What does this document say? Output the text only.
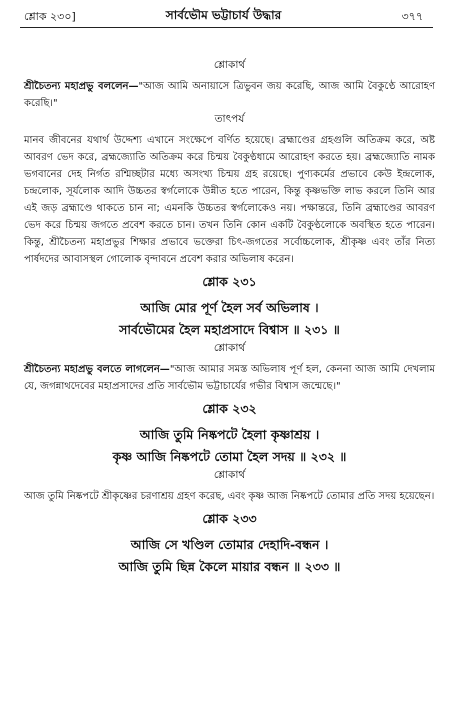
শ্লোক ২৩০]	সার্বভৌম ভট্টাচার্য উদ্ধার	৩৭৭
শ্লোকার্থ

শ্রীচৈতন্য মহাপ্রভু বললেন—"আজ আমি অনায়াসে ত্রিভুবন জয় করেছি, আজ আমি বৈকুণ্ঠে আরোহণ করেছি।"

তাৎপর্য

মানব জীবনের যথার্থ উদ্দেশ্য এখানে সংক্ষেপে বর্ণিত হয়েছে। ব্রহ্মাণ্ডের গ্রহগুলি অতিক্রম করে, অষ্ট আবরণ ভেদ করে, ব্রহ্মজ্যোতি অতিক্রম করে চিন্ময় বৈকুণ্ঠধামে আরোহণ করতে হয়। ব্রহ্মজ্যোতি নামক ভগবানের দেহ নির্গত রশ্মিচ্ছটার মধ্যে অসংখ্য চিন্ময় গ্রহ রয়েছে। পুণ্যকর্মের প্রভাবে কেউ ইন্দ্রলোক, চন্দ্রলোক, সূর্যলোক আদি উচ্চতর স্বর্গলোকে উন্নীত হতে পারেন, কিন্তু কৃষ্ণভক্তি লাভ করলে তিনি আর এই জড় ব্রহ্মাণ্ডে থাকতে চান না; এমনকি উচ্চতর স্বর্গলোকেও নয়। পক্ষান্তরে, তিনি ব্রহ্মাণ্ডের আবরণ ভেদ করে চিন্ময় জগতে প্রবেশ করতে চান। তখন তিনি কোন একটি বৈকুণ্ঠলোকে অবস্থিত হতে পারেন। কিন্তু, শ্রীচৈতন্য মহাপ্রভুর শিক্ষার প্রভাবে ভক্তেরা চিৎ-জগতের সর্বোচ্চলোক, শ্রীকৃষ্ণ এবং তাঁর নিত্য পার্ষদদের আবাসস্থল গোলোক বৃন্দাবনে প্রবেশ করার অভিলাষ করেন।

শ্লোক ২৩১
আজি মোর পূর্ণ হৈল সর্ব অভিলাষ ।
সার্বভৌমের হৈল মহাপ্রসাদে বিশ্বাস ॥ ২৩১ ॥
শ্লোকার্থ

শ্রীচৈতন্য মহাপ্রভু বলতে লাগলেন—"আজ আমার সমস্ত অভিলাষ পূর্ণ হল, কেননা আজ আমি দেখলাম যে, জগন্নাথদেবের মহাপ্রসাদের প্রতি সার্বভৌম ভট্টাচার্যের গভীর বিশ্বাস জন্মেছে।"

শ্লোক ২৩২
আজি তুমি নিষ্কপটে হৈলা কৃষ্ণাশ্রয় ।
কৃষ্ণ আজি নিষ্কপটে তোমা হৈল সদয় ॥ ২৩২ ॥
শ্লোকার্থ

আজ তুমি নিষ্কপটে শ্রীকৃষ্ণের চরণাশ্রয় গ্রহণ করেছ, এবং কৃষ্ণ আজ নিষ্কপটে তোমার প্রতি সদয় হয়েছেন।

শ্লোক ২৩৩
আজি সে খণ্ডিল তোমার দেহাদি-বন্ধন ।
আজি তুমি ছিন্ন কৈলে মায়ার বন্ধন ॥ ২৩৩ ॥
